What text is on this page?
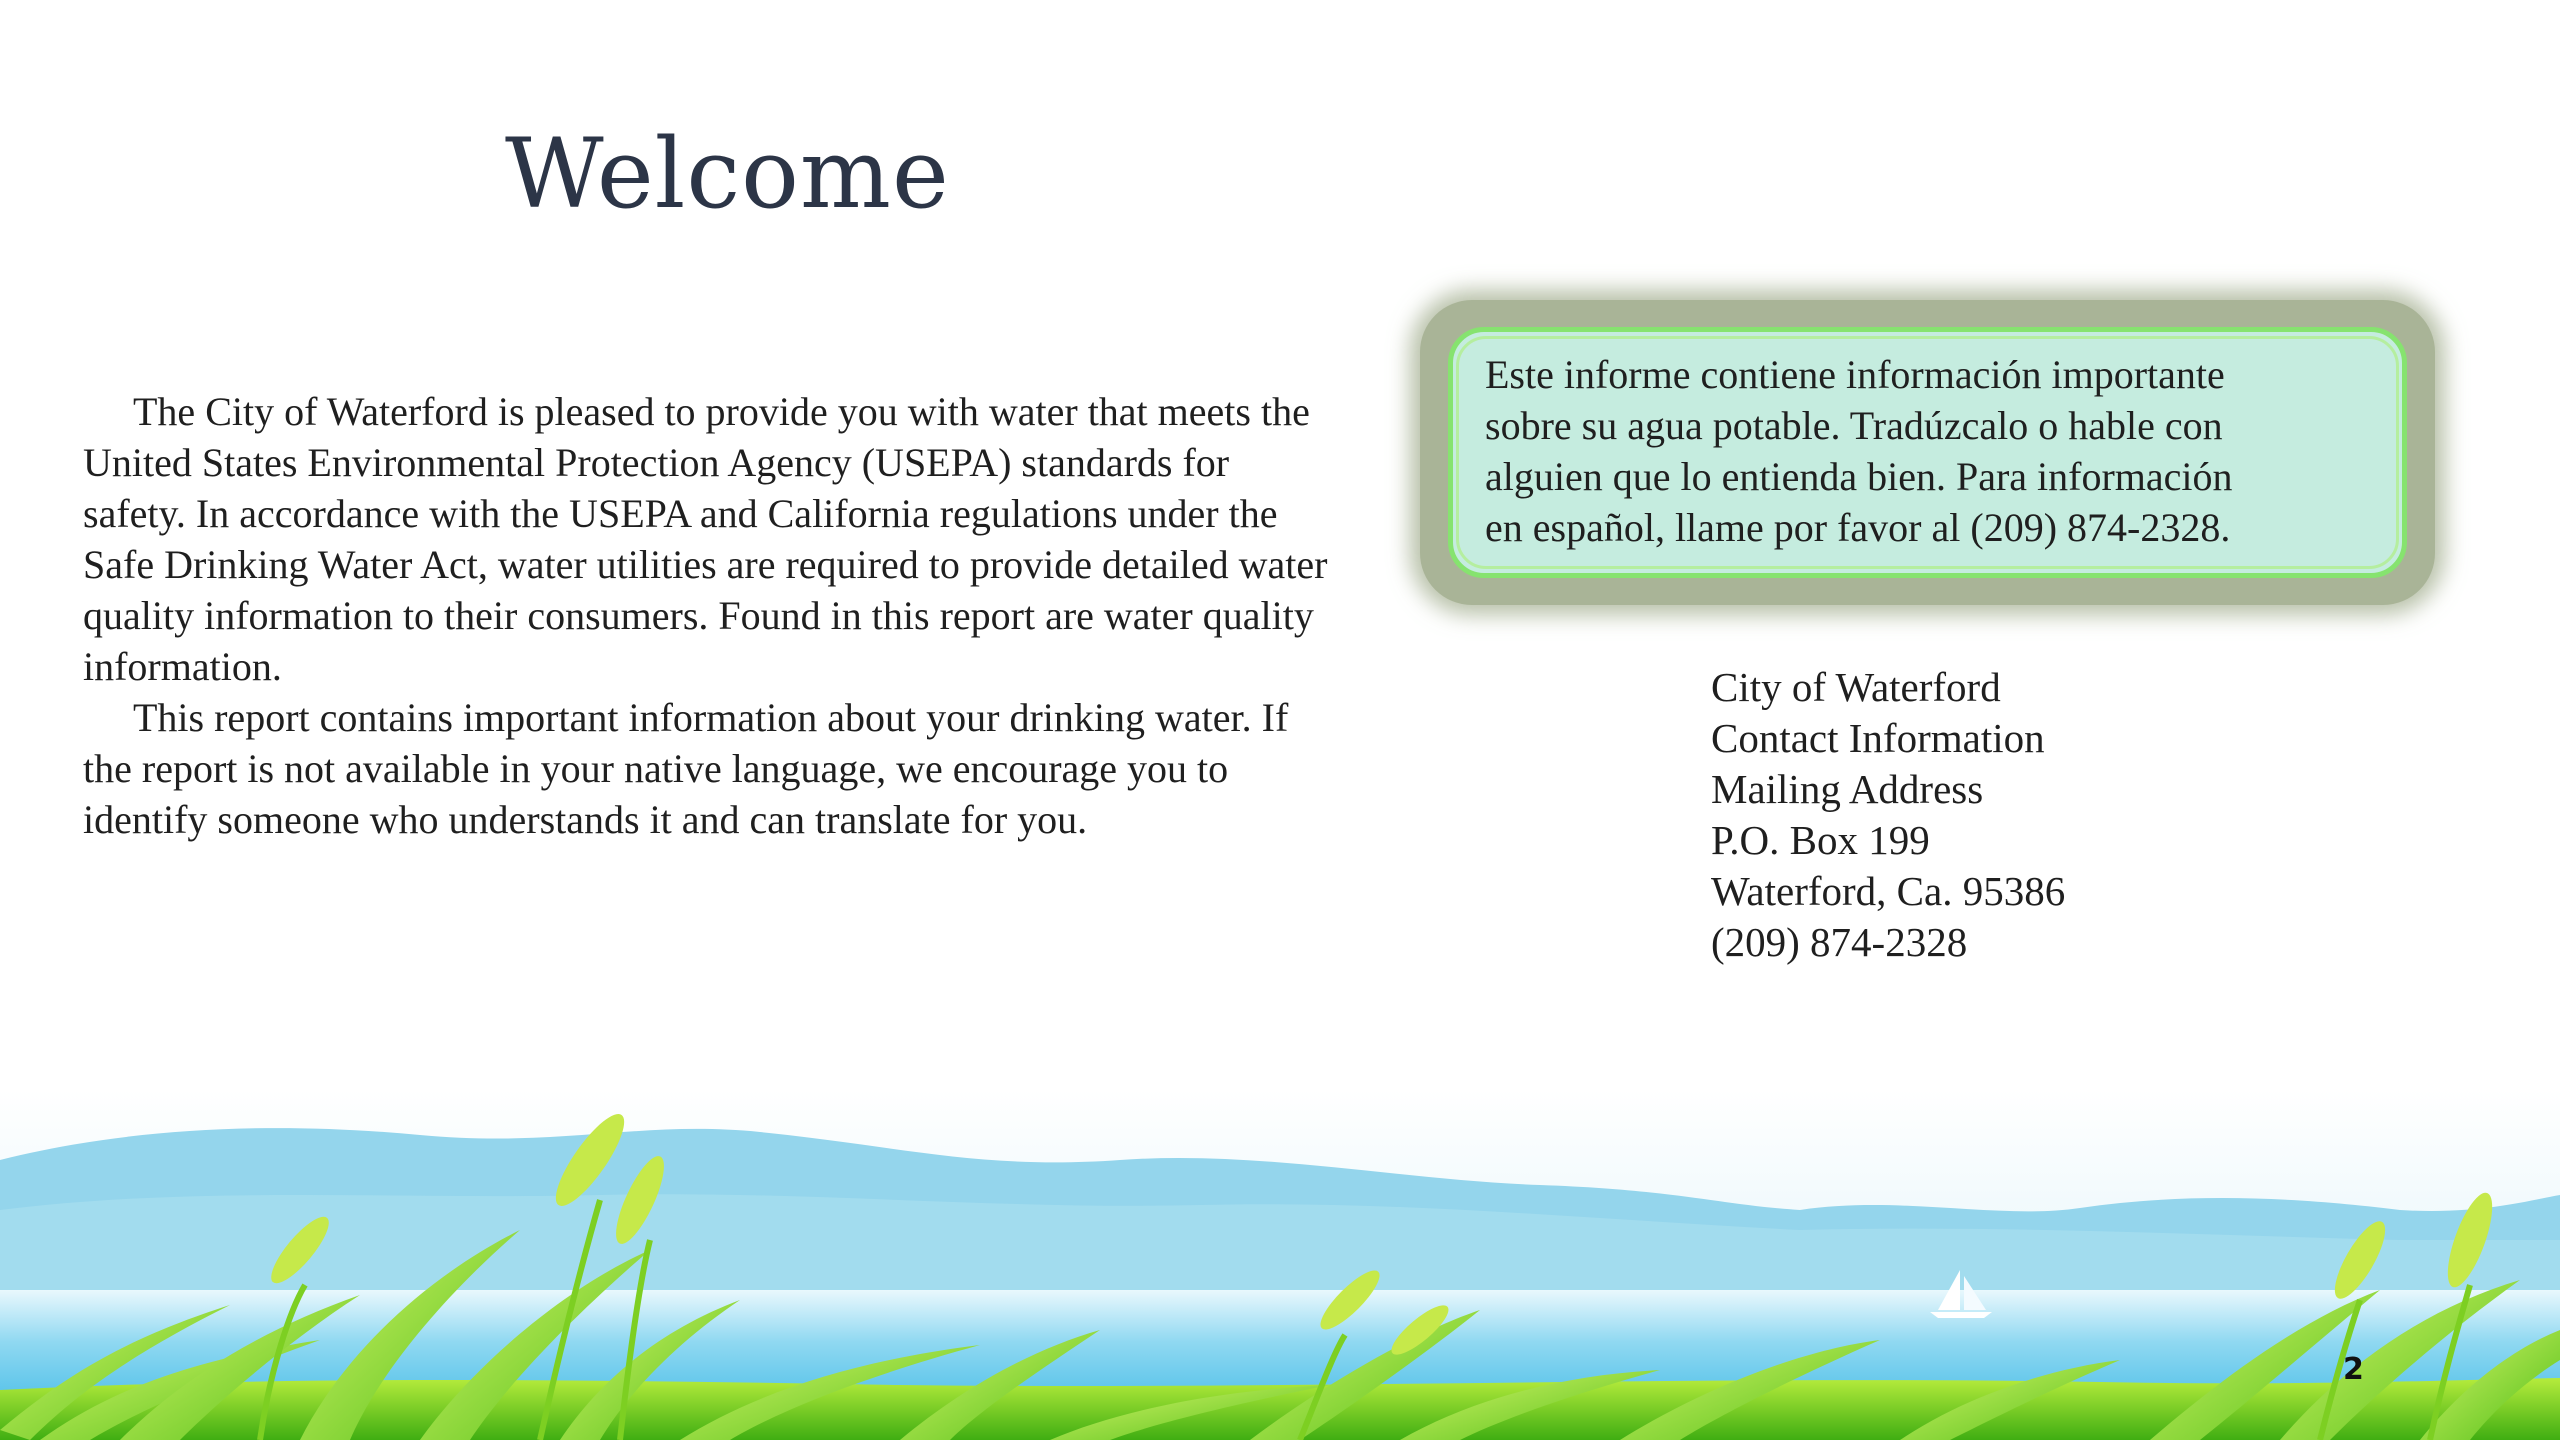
Welcome

The City of Waterford is pleased to provide you with water that meets the United States Environmental Protection Agency (USEPA) standards for safety. In accordance with the USEPA and California regulations under the Safe Drinking Water Act, water utilities are required to provide detailed water quality information to their consumers. Found in this report are water quality information.

This report contains important information about your drinking water. If the report is not available in your native language, we encourage you to identify someone who understands it and can translate for you.

Este informe contiene información importante
sobre su agua potable. Tradúzcalo o hable con
alguien que lo entienda bien. Para información
en español, llame por favor al (209) 874-2328.
City of Waterford
Contact Information
Mailing Address
P.O. Box 199
Waterford, Ca. 95386
(209) 874-2328
2
